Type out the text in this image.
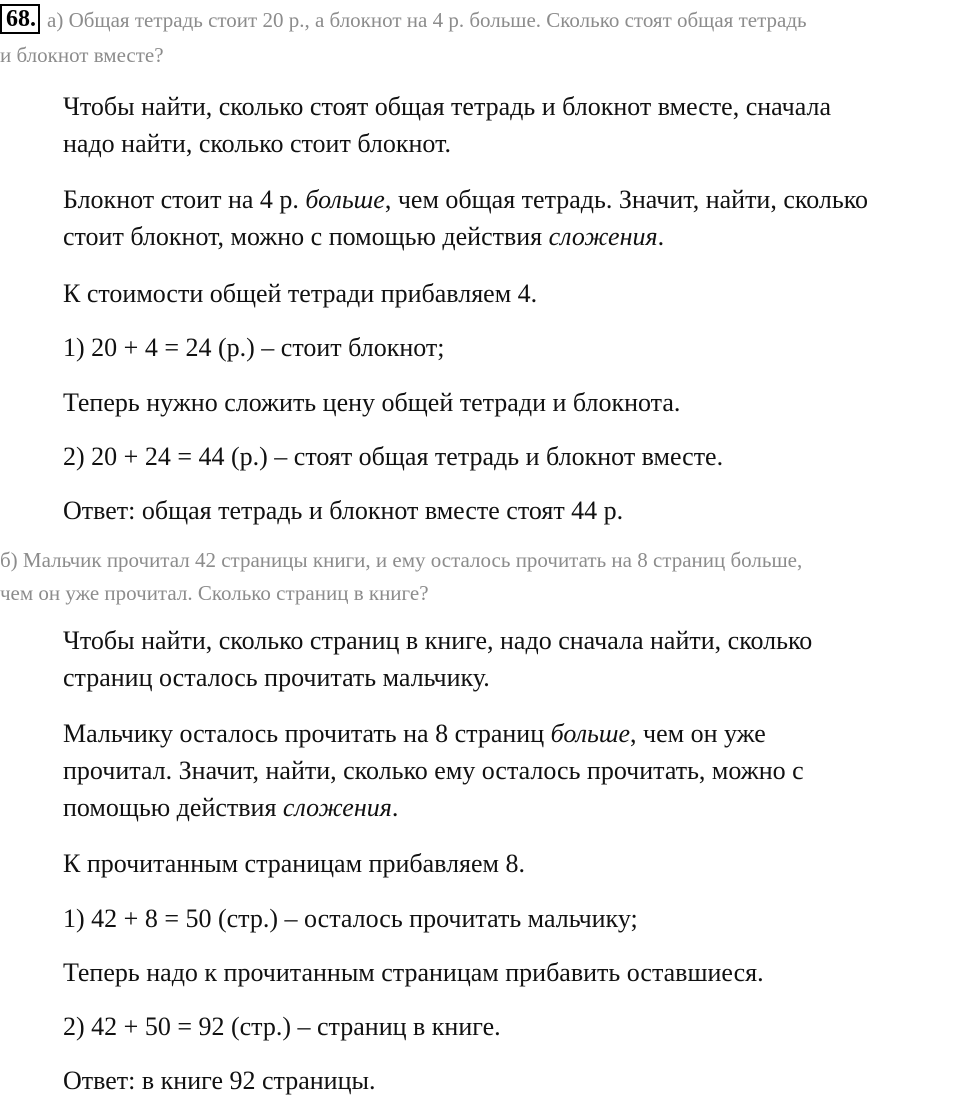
68. а) Общая тетрадь стоит 20 р., а блокнот на 4 р. больше. Сколько стоят общая тетрадь
и блокнот вместе?
Чтобы найти, сколько стоят общая тетрадь и блокнот вместе, сначала
надо найти, сколько стоит блокнот.
Блокнот стоит на 4 р. больше, чем общая тетрадь. Значит, найти, сколько
стоит блокнот, можно с помощью действия сложения.
К стоимости общей тетради прибавляем 4.
1) 20 + 4 = 24 (р.) – стоит блокнот;
Теперь нужно сложить цену общей тетради и блокнота.
2) 20 + 24 = 44 (р.) – стоят общая тетрадь и блокнот вместе.
Ответ: общая тетрадь и блокнот вместе стоят 44 р.
б) Мальчик прочитал 42 страницы книги, и ему осталось прочитать на 8 страниц больше,
чем он уже прочитал. Сколько страниц в книге?
Чтобы найти, сколько страниц в книге, надо сначала найти, сколько
страниц осталось прочитать мальчику.
Мальчику осталось прочитать на 8 страниц больше, чем он уже
прочитал. Значит, найти, сколько ему осталось прочитать, можно с
помощью действия сложения.
К прочитанным страницам прибавляем 8.
1) 42 + 8 = 50 (стр.) – осталось прочитать мальчику;
Теперь надо к прочитанным страницам прибавить оставшиеся.
2) 42 + 50 = 92 (стр.) – страниц в книге.
Ответ: в книге 92 страницы.
